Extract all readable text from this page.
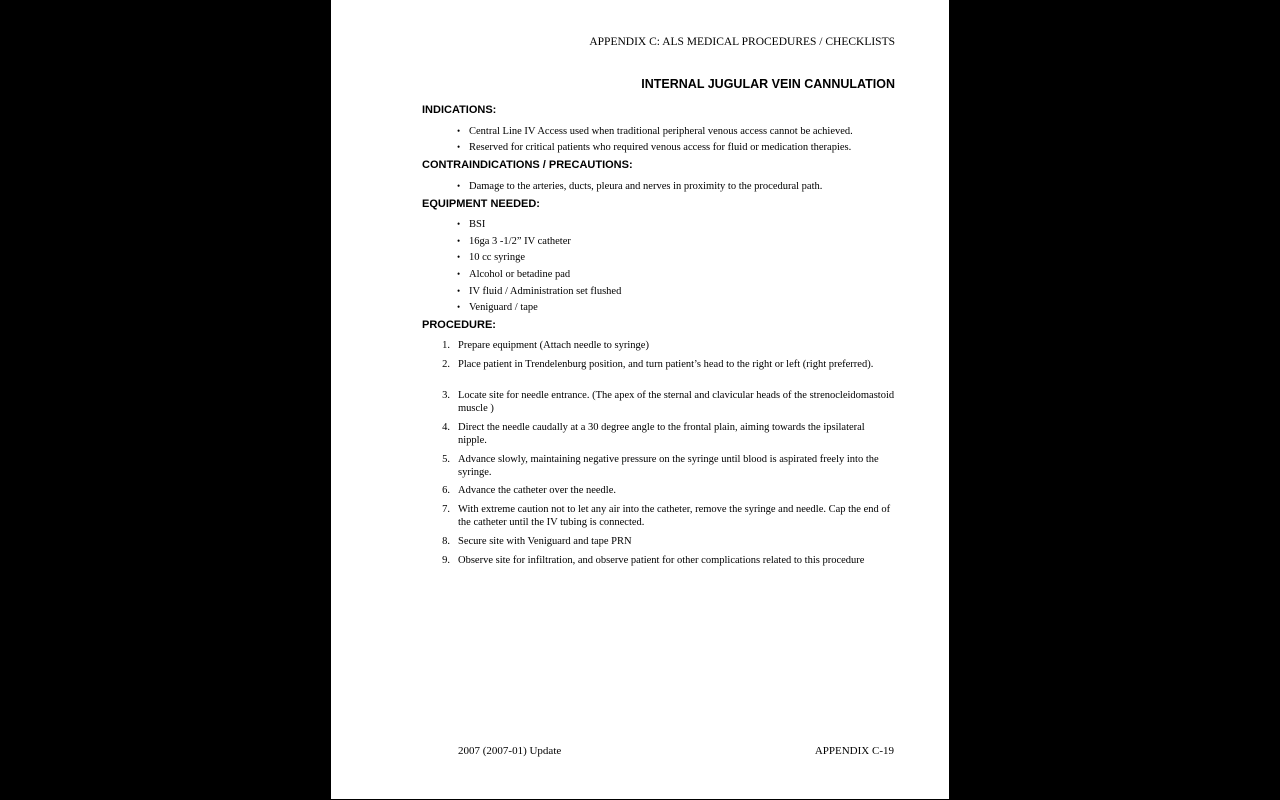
APPENDIX C: ALS MEDICAL PROCEDURES / CHECKLISTS
INTERNAL JUGULAR VEIN CANNULATION
INDICATIONS:
• Central Line IV Access used when traditional peripheral venous access cannot be achieved.
• Reserved for critical patients who required venous access for fluid or medication therapies.
CONTRAINDICATIONS / PRECAUTIONS:
• Damage to the arteries, ducts, pleura and nerves in proximity to the procedural path.
EQUIPMENT NEEDED:
• BSI
• 16ga 3 -1/2” IV catheter
• 10 cc syringe
• Alcohol or betadine pad
• IV fluid / Administration set flushed
• Veniguard / tape
PROCEDURE:
1. Prepare equipment (Attach needle to syringe)
2. Place patient in Trendelenburg position, and turn patient’s head to the right or left (right preferred).
3. Locate site for needle entrance. (The apex of the sternal and clavicular heads of the strenocleidomastoid muscle )
4. Direct the needle caudally at a 30 degree angle to the frontal plain, aiming towards the ipsilateral nipple.
5. Advance slowly, maintaining negative pressure on the syringe until blood is aspirated freely into the syringe.
6. Advance the catheter over the needle.
7. With extreme caution not to let any air into the catheter, remove the syringe and needle. Cap the end of the catheter until the IV tubing is connected.
8. Secure site with Veniguard and tape PRN
9. Observe site for infiltration, and observe patient for other complications related to this procedure
2007 (2007-01) Update	APPENDIX C-19
